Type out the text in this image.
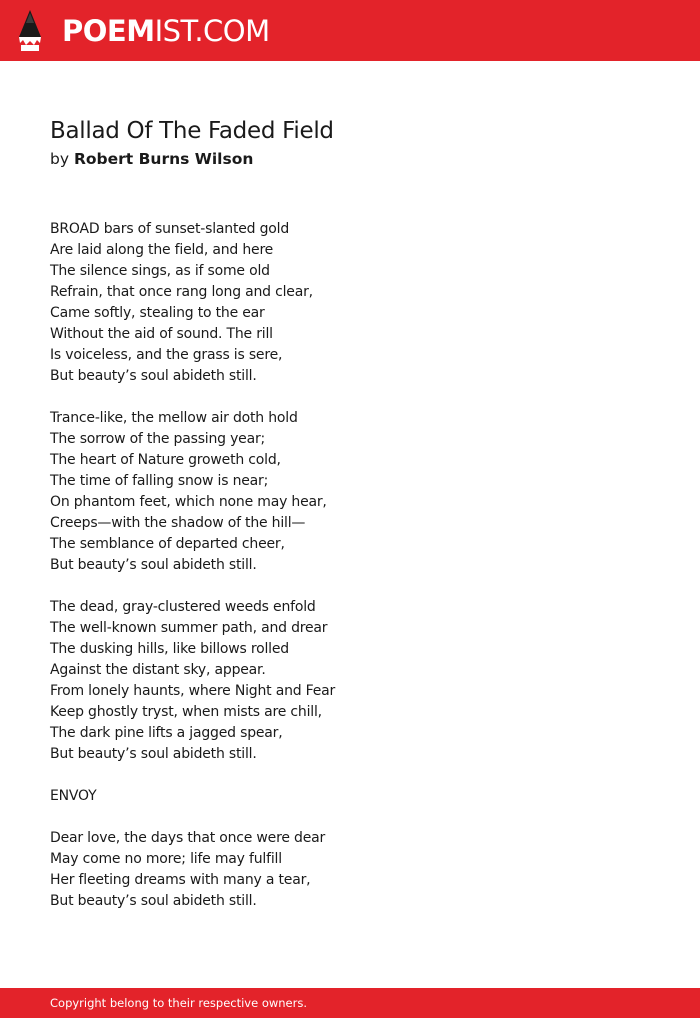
POEMIST.COM
Ballad Of The Faded Field
by Robert Burns Wilson
BROAD bars of sunset-slanted gold
Are laid along the field, and here
The silence sings, as if some old
Refrain, that once rang long and clear,
Came softly, stealing to the ear
Without the aid of sound. The rill
Is voiceless, and the grass is sere,
But beauty’s soul abideth still.
Trance-like, the mellow air doth hold
The sorrow of the passing year;
The heart of Nature groweth cold,
The time of falling snow is near;
On phantom feet, which none may hear,
Creeps—with the shadow of the hill—
The semblance of departed cheer,
But beauty’s soul abideth still.
The dead, gray-clustered weeds enfold
The well-known summer path, and drear
The dusking hills, like billows rolled
Against the distant sky, appear.
From lonely haunts, where Night and Fear
Keep ghostly tryst, when mists are chill,
The dark pine lifts a jagged spear,
But beauty’s soul abideth still.
ENVOY
Dear love, the days that once were dear
May come no more; life may fulfill
Her fleeting dreams with many a tear,
But beauty’s soul abideth still.
Copyright belong to their respective owners.
